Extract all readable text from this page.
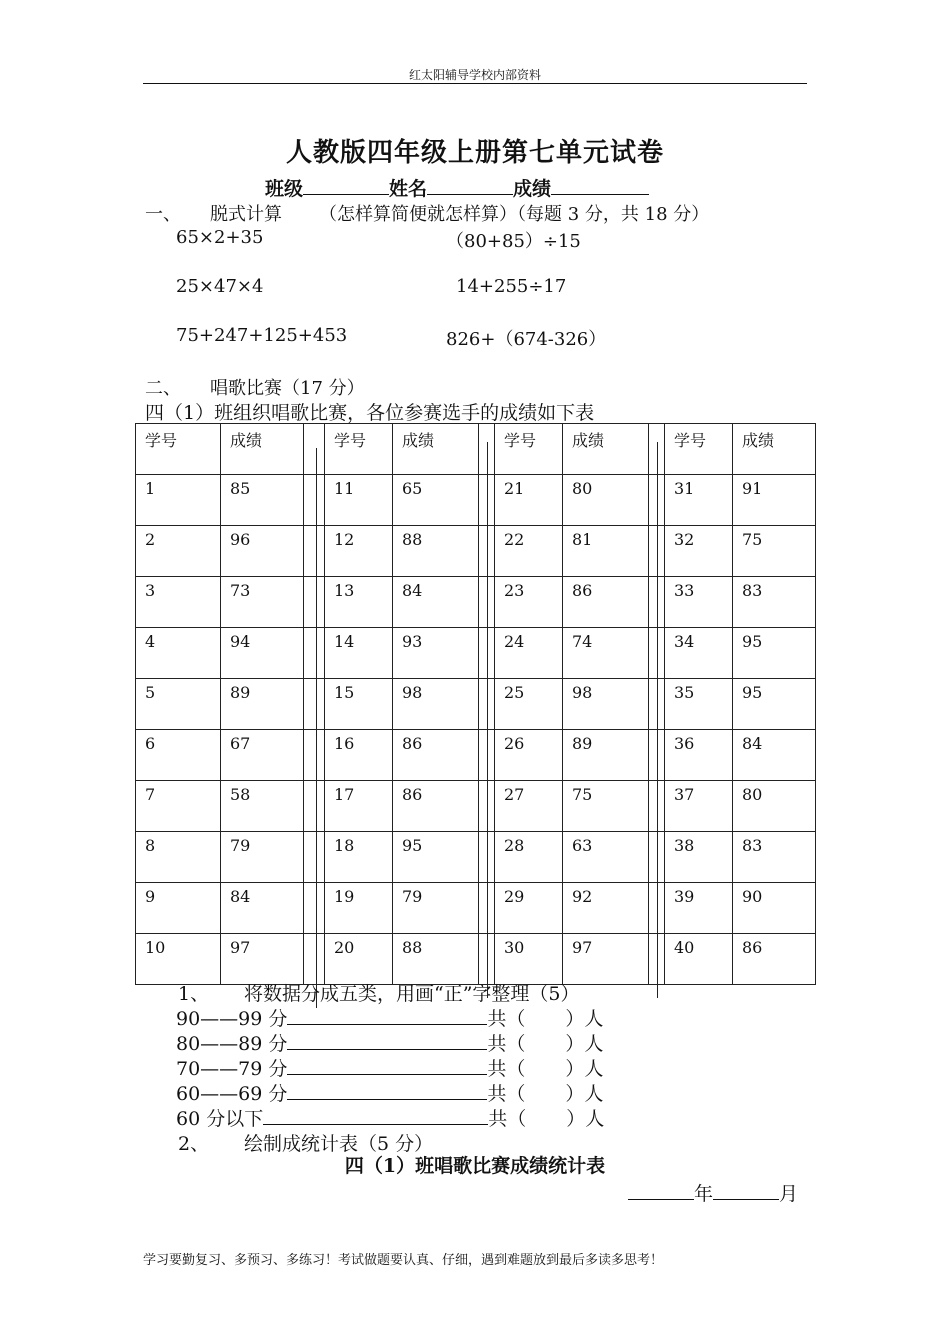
红太阳辅导学校内部资料
人教版四年级上册第七单元试卷
班级	姓名	成绩
一、 脱式计算 （怎样算简便就怎样算）（每题 3 分，共 18 分）
65×2+35	（80+85）÷15
25×47×4	14+255÷17
75+247+125+453	826+（674-326）
二、 唱歌比赛（17 分）
四（1）班组织唱歌比赛，各位参赛选手的成绩如下表
学号	成绩		学号	成绩		学号	成绩		学号	成绩
1	85		11	65		21	80		31	91
2	96		12	88		22	81		32	75
3	73		13	84		23	86		33	83
4	94		14	93		24	74		34	95
5	89		15	98		25	98		35	95
6	67		16	86		26	89		36	84
7	58		17	86		27	75		37	80
8	79		18	95		28	63		38	83
9	84		19	79		29	92		39	90
10	97		20	88		30	97		40	86
1、 将数据分成五类，用画“正”字整理（5）
90——99 分	共（ ）人
80——89 分	共（ ）人
70——79 分	共（ ）人
60——69 分	共（ ）人
60 分以下	共（ ）人
2、 绘制成统计表（5 分）
四（1）班唱歌比赛成绩统计表
年	月
学习要勤复习、多预习、多练习！考试做题要认真、仔细，遇到难题放到最后多读多思考！
